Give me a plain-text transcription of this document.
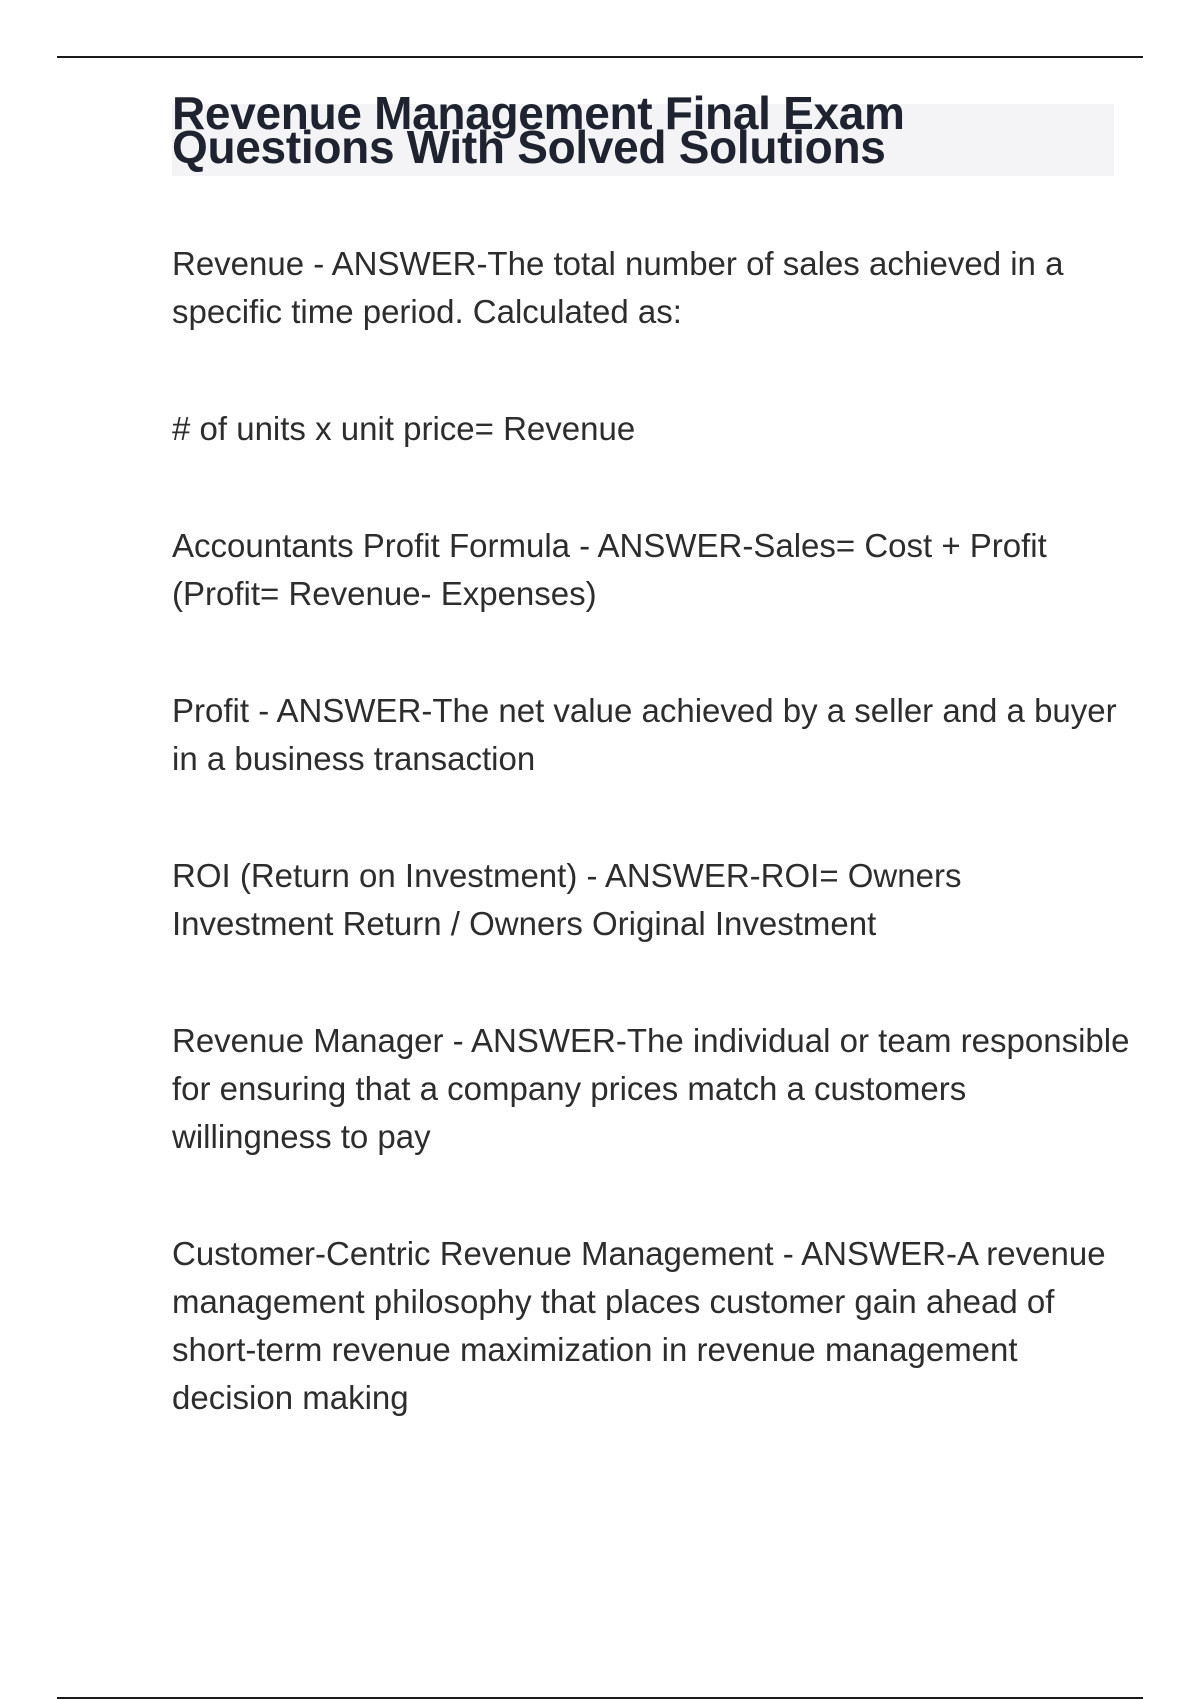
Revenue Management Final Exam Questions With Solved Solutions

Revenue - ANSWER-The total number of sales achieved in a specific time period. Calculated as:

# of units x unit price= Revenue

Accountants Profit Formula - ANSWER-Sales= Cost + Profit (Profit= Revenue- Expenses)

Profit - ANSWER-The net value achieved by a seller and a buyer in a business transaction

ROI (Return on Investment) - ANSWER-ROI= Owners Investment Return / Owners Original Investment

Revenue Manager - ANSWER-The individual or team responsible for ensuring that a company prices match a customers willingness to pay

Customer-Centric Revenue Management - ANSWER-A revenue management philosophy that places customer gain ahead of short-term revenue maximization in revenue management decision making
